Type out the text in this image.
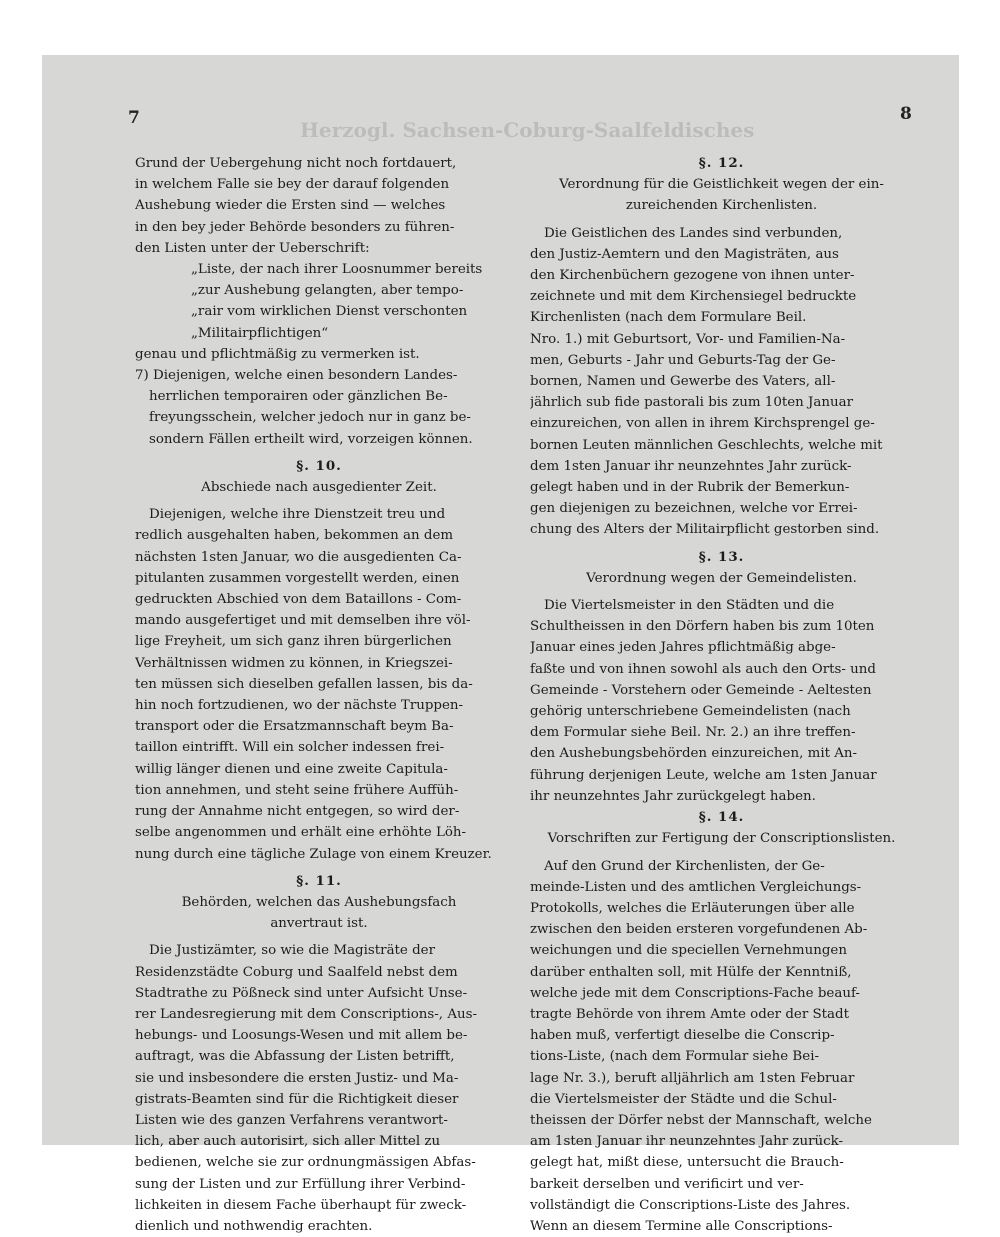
Herzogl. Sachsen-Coburg-Saalfeldisches
7	8
Grund der Uebergehung nicht noch fortdauert,
in welchem Falle sie bey der darauf folgenden
Aushebung wieder die Ersten sind — welches
in den bey jeder Behörde besonders zu führen-
den Listen unter der Ueberschrift:
„Liste, der nach ihrer Loosnummer bereits
„zur Aushebung gelangten, aber tempo-
„rair vom wirklichen Dienst verschonten
„Militairpflichtigen“
genau und pflichtmäßig zu vermerken ist.
7) Diejenigen, welche einen besondern Landes-
herrlichen temporairen oder gänzlichen Be-
freyungsschein, welcher jedoch nur in ganz be-
sondern Fällen ertheilt wird, vorzeigen können.
§. 10.
Abschiede nach ausgedienter Zeit.
Diejenigen, welche ihre Dienstzeit treu und
redlich ausgehalten haben, bekommen an dem
nächsten 1sten Januar, wo die ausgedienten Ca-
pitulanten zusammen vorgestellt werden, einen
gedruckten Abschied von dem Bataillons - Com-
mando ausgefertiget und mit demselben ihre völ-
lige Freyheit, um sich ganz ihren bürgerlichen
Verhältnissen widmen zu können, in Kriegszei-
ten müssen sich dieselben gefallen lassen, bis da-
hin noch fortzudienen, wo der nächste Truppen-
transport oder die Ersatzmannschaft beym Ba-
taillon eintrifft. Will ein solcher indessen frei-
willig länger dienen und eine zweite Capitula-
tion annehmen, und steht seine frühere Auffüh-
rung der Annahme nicht entgegen, so wird der-
selbe angenommen und erhält eine erhöhte Löh-
nung durch eine tägliche Zulage von einem Kreuzer.
§. 11.
Behörden, welchen das Aushebungsfach
anvertraut ist.
Die Justizämter, so wie die Magisträte der
Residenzstädte Coburg und Saalfeld nebst dem
Stadtrathe zu Pößneck sind unter Aufsicht Unse-
rer Landesregierung mit dem Conscriptions-, Aus-
hebungs- und Loosungs-Wesen und mit allem be-
auftragt, was die Abfassung der Listen betrifft,
sie und insbesondere die ersten Justiz- und Ma-
gistrats-Beamten sind für die Richtigkeit dieser
Listen wie des ganzen Verfahrens verantwort-
lich, aber auch autorisirt, sich aller Mittel zu
bedienen, welche sie zur ordnungmässigen Abfas-
sung der Listen und zur Erfüllung ihrer Verbind-
lichkeiten in diesem Fache überhaupt für zweck-
dienlich und nothwendig erachten.
§. 12.
Verordnung für die Geistlichkeit wegen der ein-
zureichenden Kirchenlisten.
Die Geistlichen des Landes sind verbunden,
den Justiz-Aemtern und den Magisträten, aus
den Kirchenbüchern gezogene von ihnen unter-
zeichnete und mit dem Kirchensiegel bedruckte
Kirchenlisten (nach dem Formulare Beil.
Nro. 1.) mit Geburtsort, Vor- und Familien-Na-
men, Geburts - Jahr und Geburts-Tag der Ge-
bornen, Namen und Gewerbe des Vaters, all-
jährlich sub fide pastorali bis zum 10ten Januar
einzureichen, von allen in ihrem Kirchsprengel ge-
bornen Leuten männlichen Geschlechts, welche mit
dem 1sten Januar ihr neunzehntes Jahr zurück-
gelegt haben und in der Rubrik der Bemerkun-
gen diejenigen zu bezeichnen, welche vor Errei-
chung des Alters der Militairpflicht gestorben sind.
§. 13.
Verordnung wegen der Gemeindelisten.
Die Viertelsmeister in den Städten und die
Schultheissen in den Dörfern haben bis zum 10ten
Januar eines jeden Jahres pflichtmäßig abge-
faßte und von ihnen sowohl als auch den Orts- und
Gemeinde - Vorstehern oder Gemeinde - Aeltesten
gehörig unterschriebene Gemeindelisten (nach
dem Formular siehe Beil. Nr. 2.) an ihre treffen-
den Aushebungsbehörden einzureichen, mit An-
führung derjenigen Leute, welche am 1sten Januar
ihr neunzehntes Jahr zurückgelegt haben.
§. 14.
Vorschriften zur Fertigung der Conscriptionslisten.
Auf den Grund der Kirchenlisten, der Ge-
meinde-Listen und des amtlichen Vergleichungs-
Protokolls, welches die Erläuterungen über alle
zwischen den beiden ersteren vorgefundenen Ab-
weichungen und die speciellen Vernehmungen
darüber enthalten soll, mit Hülfe der Kenntniß,
welche jede mit dem Conscriptions-Fache beauf-
tragte Behörde von ihrem Amte oder der Stadt
haben muß, verfertigt dieselbe die Conscrip-
tions-Liste, (nach dem Formular siehe Bei-
lage Nr. 3.), beruft alljährlich am 1sten Februar
die Viertelsmeister der Städte und die Schul-
theissen der Dörfer nebst der Mannschaft, welche
am 1sten Januar ihr neunzehntes Jahr zurück-
gelegt hat, mißt diese, untersucht die Brauch-
barkeit derselben und verificirt und ver-
vollständigt die Conscriptions-Liste des Jahres.
Wenn an diesem Termine alle Conscriptions-
